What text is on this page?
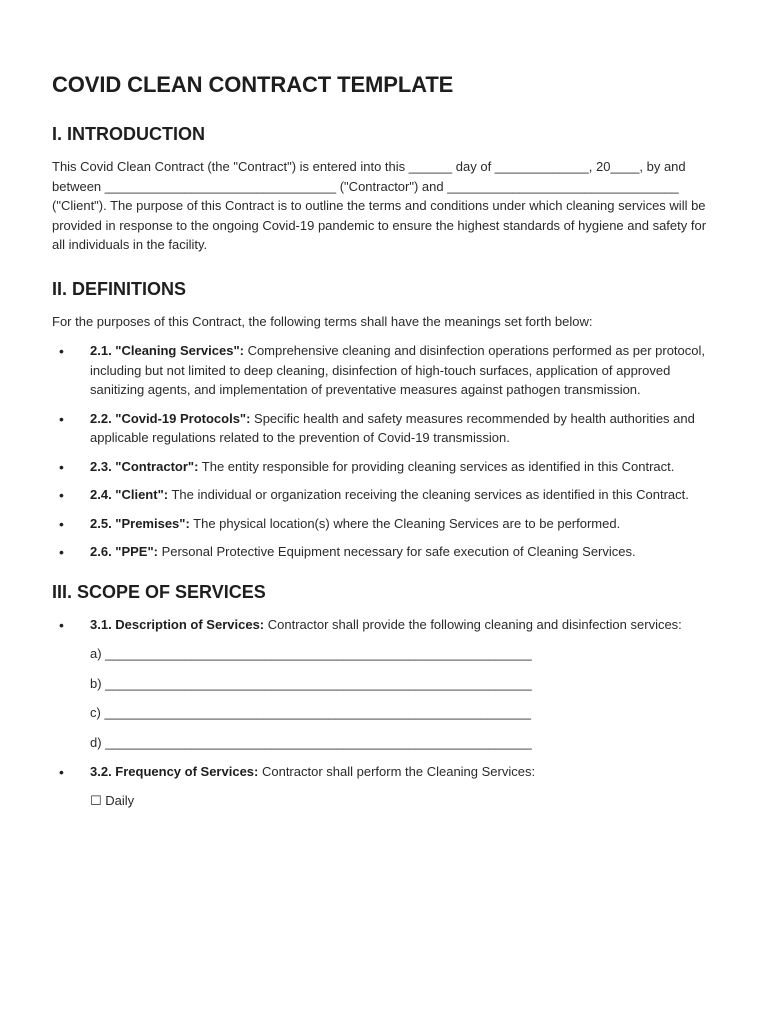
COVID CLEAN CONTRACT TEMPLATE
I. INTRODUCTION

This Covid Clean Contract (the "Contract") is entered into this ______ day of _____________, 20____, by and between ________________________________ ("Contractor") and ________________________________ ("Client"). The purpose of this Contract is to outline the terms and conditions under which cleaning services will be provided in response to the ongoing Covid-19 pandemic to ensure the highest standards of hygiene and safety for all individuals in the facility.

II. DEFINITIONS

For the purposes of this Contract, the following terms shall have the meanings set forth below:

• 2.1. "Cleaning Services": Comprehensive cleaning and disinfection operations performed as per protocol, including but not limited to deep cleaning, disinfection of high-touch surfaces, application of approved sanitizing agents, and implementation of preventative measures against pathogen transmission.
• 2.2. "Covid-19 Protocols": Specific health and safety measures recommended by health authorities and applicable regulations related to the prevention of Covid-19 transmission.
• 2.3. "Contractor": The entity responsible for providing cleaning services as identified in this Contract.
• 2.4. "Client": The individual or organization receiving the cleaning services as identified in this Contract.
• 2.5. "Premises": The physical location(s) where the Cleaning Services are to be performed.
• 2.6. "PPE": Personal Protective Equipment necessary for safe execution of Cleaning Services.
III. SCOPE OF SERVICES
• 3.1. Description of Services: Contractor shall provide the following cleaning and disinfection services:
a) ___________________________________________________________
b) ___________________________________________________________
c) ___________________________________________________________
d) ___________________________________________________________
• 3.2. Frequency of Services: Contractor shall perform the Cleaning Services:
☐ Daily
